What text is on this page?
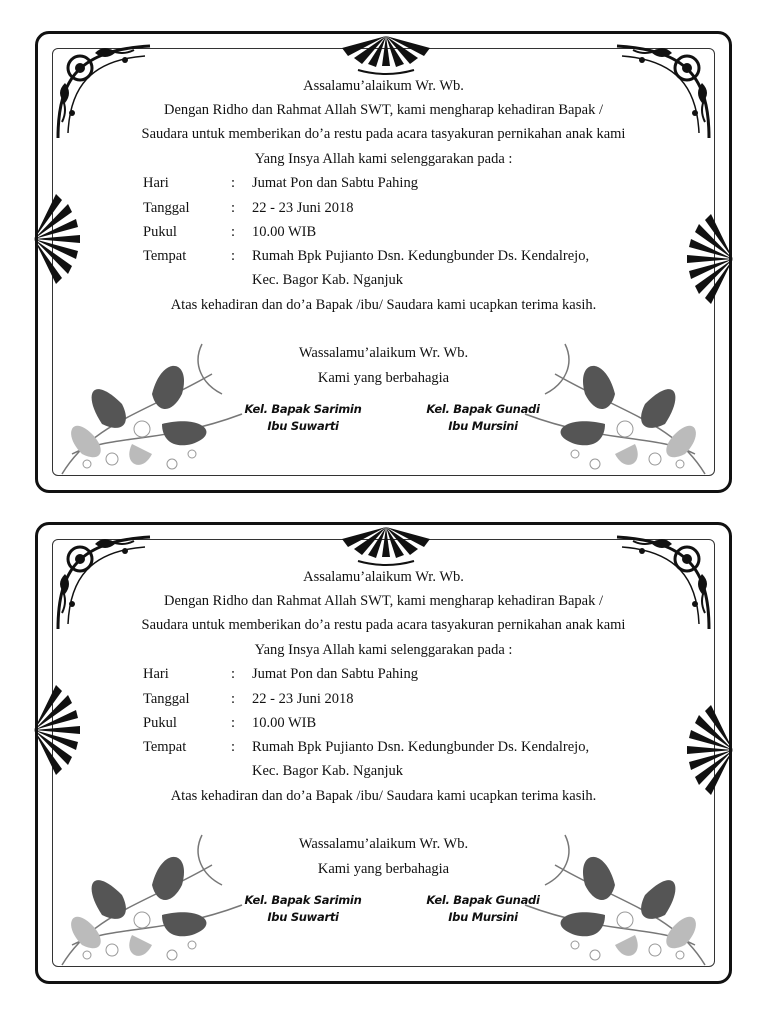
Assalamu’alaikum Wr. Wb.
Dengan Ridho dan Rahmat Allah SWT, kami mengharap kehadiran Bapak /
Saudara untuk memberikan do’a restu pada acara tasyakuran pernikahan anak kami
Yang Insya Allah kami selenggarakan pada :
Hari	: Jumat Pon dan Sabtu Pahing
Tanggal	: 22 - 23 Juni 2018
Pukul	: 10.00 WIB
Tempat	: Rumah Bpk Pujianto Dsn. Kedungbunder Ds. Kendalrejo,
Kec. Bagor Kab. Nganjuk
Atas kehadiran dan do’a Bapak /ibu/ Saudara kami ucapkan terima kasih.
Wassalamu’alaikum Wr. Wb.
Kami yang berbahagia
Kel. Bapak Sarimin
Ibu Suwarti
Kel. Bapak Gunadi
Ibu Mursini
Assalamu’alaikum Wr. Wb.
Dengan Ridho dan Rahmat Allah SWT, kami mengharap kehadiran Bapak /
Saudara untuk memberikan do’a restu pada acara tasyakuran pernikahan anak kami
Yang Insya Allah kami selenggarakan pada :
Hari	: Jumat Pon dan Sabtu Pahing
Tanggal	: 22 - 23 Juni 2018
Pukul	: 10.00 WIB
Tempat	: Rumah Bpk Pujianto Dsn. Kedungbunder Ds. Kendalrejo,
Kec. Bagor Kab. Nganjuk
Atas kehadiran dan do’a Bapak /ibu/ Saudara kami ucapkan terima kasih.
Wassalamu’alaikum Wr. Wb.
Kami yang berbahagia
Kel. Bapak Sarimin
Ibu Suwarti
Kel. Bapak Gunadi
Ibu Mursini
